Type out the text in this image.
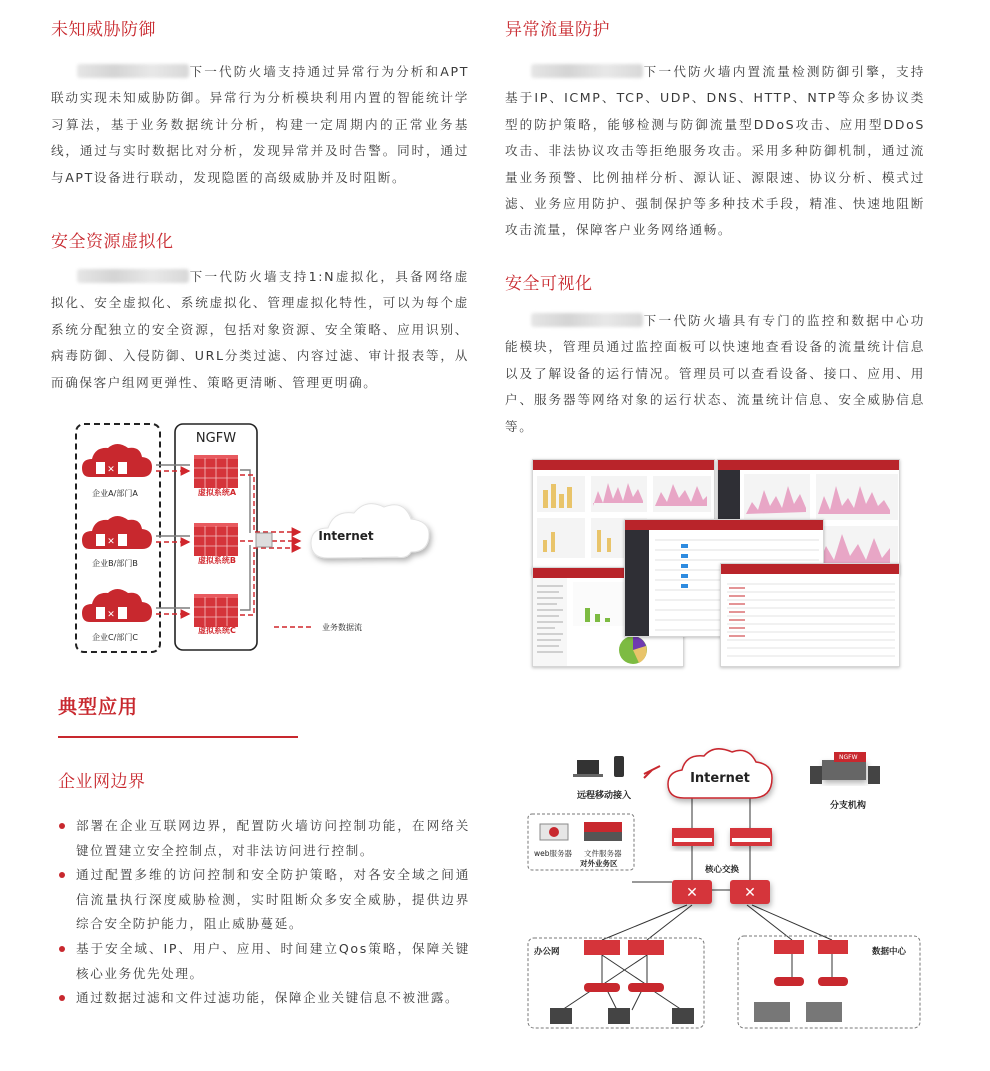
未知威胁防御
下一代防火墙支持通过异常行为分析和APT联动实现未知威胁防御。异常行为分析模块利用内置的智能统计学习算法，基于业务数据统计分析，构建一定周期内的正常业务基线，通过与实时数据比对分析，发现异常并及时告警。同时，通过与APT设备进行联动，发现隐匿的高级威胁并及时阻断。
安全资源虚拟化
下一代防火墙支持1:N虚拟化，具备网络虚拟化、安全虚拟化、系统虚拟化、管理虚拟化特性，可以为每个虚系统分配独立的安全资源，包括对象资源、安全策略、应用识别、病毒防御、入侵防御、URL分类过滤、内容过滤、审计报表等，从而确保客户组网更弹性、策略更清晰、管理更明确。
异常流量防护
下一代防火墙内置流量检测防御引擎，支持基于IP、ICMP、TCP、UDP、DNS、HTTP、NTP等众多协议类型的防护策略，能够检测与防御流量型DDoS攻击、应用型DDoS攻击、非法协议攻击等拒绝服务攻击。采用多种防御机制，通过流量业务预警、比例抽样分析、源认证、源限速、协议分析、模式过滤、业务应用防护、强制保护等多种技术手段，精准、快速地阻断攻击流量，保障客户业务网络通畅。
安全可视化
下一代防火墙具有专门的监控和数据中心功能模块，管理员通过监控面板可以快速地查看设备的流量统计信息以及了解设备的运行情况。管理员可以查看设备、接口、应用、用户、服务器等网络对象的运行状态、流量统计信息、安全威胁信息等。
NGFW
✕
企业A/部门A
✕
企业B/部门B
✕
企业C/部门C
虚拟系统A
虚拟系统B
虚拟系统C
Internet
业务数据流
典型应用
企业网边界
部署在企业互联网边界，配置防火墙访问控制功能，在网络关键位置建立安全控制点，对非法访问进行控制。
通过配置多维的访问控制和安全防护策略，对各安全域之间通信流量执行深度威胁检测，实时阻断众多安全威胁，提供边界综合安全防护能力，阻止威胁蔓延。
基于安全域、IP、用户、应用、时间建立Qos策略，保障关键核心业务优先处理。
通过数据过滤和文件过滤功能，保障企业关键信息不被泄露。
Internet
远程移动接入
NGFW
分支机构
web服务器 文件服务器
对外业务区
✕	✕
核心交换
办公网	数据中心
